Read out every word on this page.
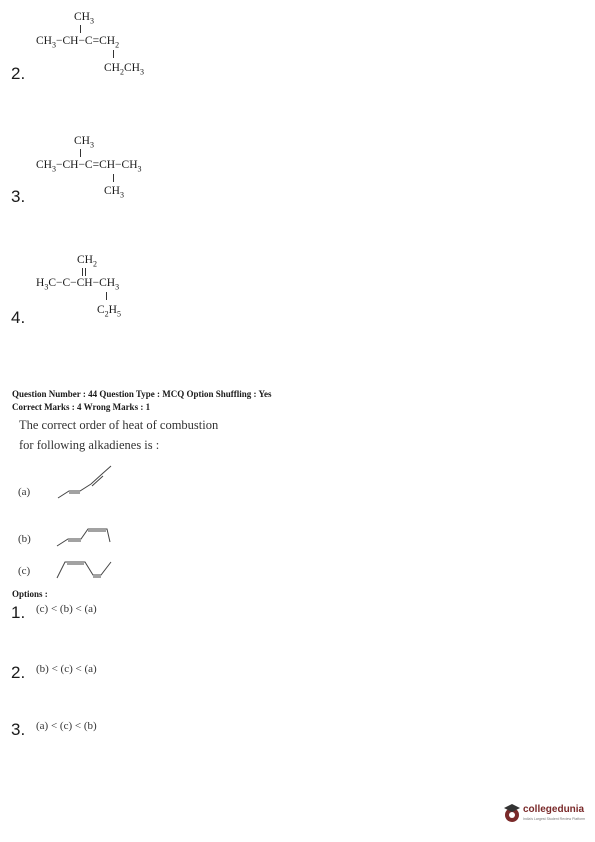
$CH_3$
$CH_3-CH-C=CH_2$
$CH_2CH_3$
2.
$CH_3$
$CH_3-CH-C=CH-CH_3$
$CH_3$
3.
$CH_2$
$H_3C-C-CH-CH_3$
$C_2H_5$
4.
Question Number : 44 Question Type : MCQ Option Shuffling : Yes
Correct Marks : 4 Wrong Marks : 1
The correct order of heat of combustion
for following alkadienes is :
(a)
(b)
(c)
Options :
1. (c) < (b) < (a)
2. (b) < (c) < (a)
3. (a) < (c) < (b)
collegedunia
India's Largest Student Review Platform
